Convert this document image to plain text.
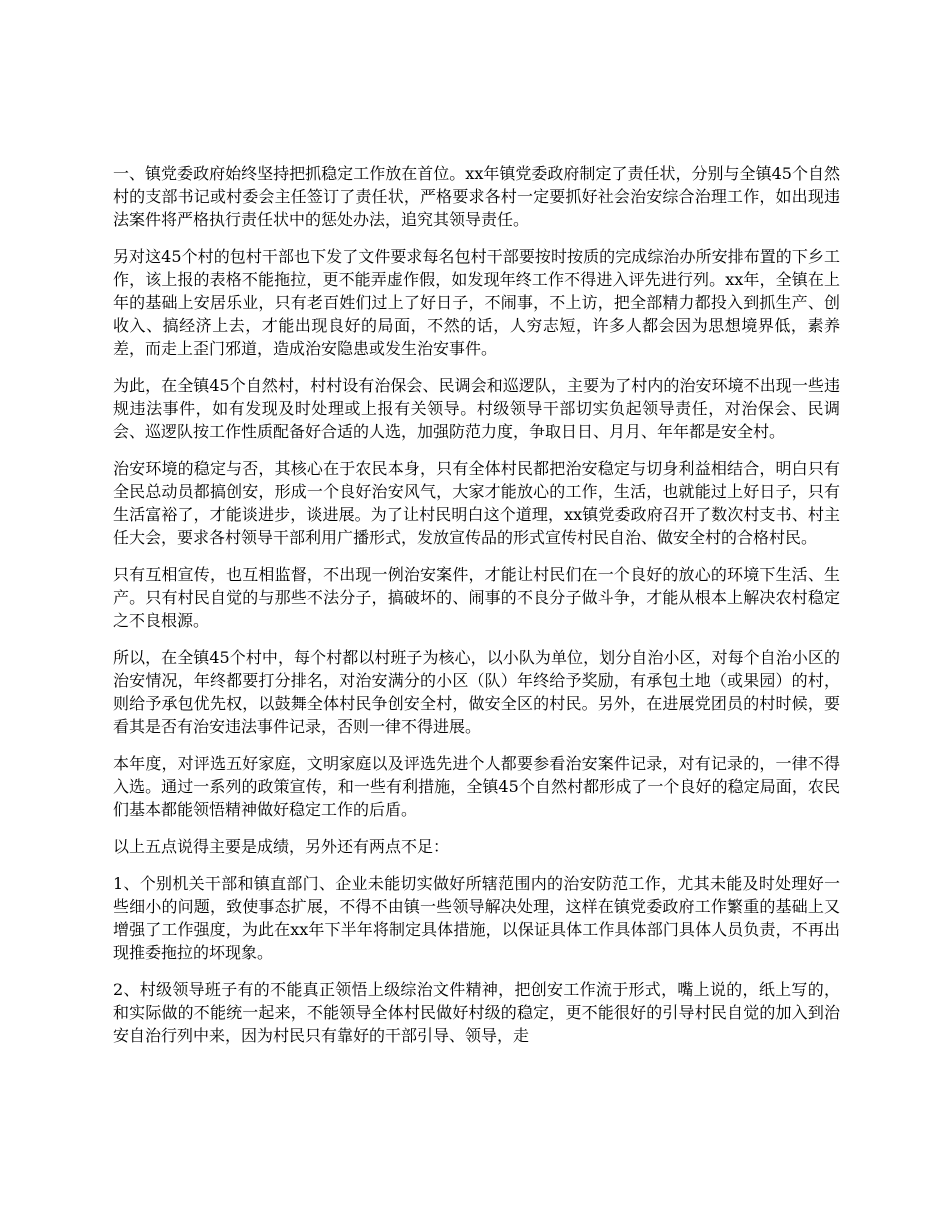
一、镇党委政府始终坚持把抓稳定工作放在首位。xx年镇党委政府制定了责任状，分别与全镇45个自然村的支部书记或村委会主任签订了责任状，严格要求各村一定要抓好社会治安综合治理工作，如出现违法案件将严格执行责任状中的惩处办法，追究其领导责任。

另对这45个村的包村干部也下发了文件要求每名包村干部要按时按质的完成综治办所安排布置的下乡工作，该上报的表格不能拖拉，更不能弄虚作假，如发现年终工作不得进入评先进行列。xx年，全镇在上年的基础上安居乐业，只有老百姓们过上了好日子，不闹事，不上访，把全部精力都投入到抓生产、创收入、搞经济上去，才能出现良好的局面，不然的话，人穷志短，许多人都会因为思想境界低，素养差，而走上歪门邪道，造成治安隐患或发生治安事件。

为此，在全镇45个自然村，村村设有治保会、民调会和巡逻队，主要为了村内的治安环境不出现一些违规违法事件，如有发现及时处理或上报有关领导。村级领导干部切实负起领导责任，对治保会、民调会、巡逻队按工作性质配备好合适的人选，加强防范力度，争取日日、月月、年年都是安全村。

治安环境的稳定与否，其核心在于农民本身，只有全体村民都把治安稳定与切身利益相结合，明白只有全民总动员都搞创安，形成一个良好治安风气，大家才能放心的工作，生活，也就能过上好日子，只有生活富裕了，才能谈进步，谈进展。为了让村民明白这个道理，xx镇党委政府召开了数次村支书、村主任大会，要求各村领导干部利用广播形式，发放宣传品的形式宣传村民自治、做安全村的合格村民。

只有互相宣传，也互相监督，不出现一例治安案件，才能让村民们在一个良好的放心的环境下生活、生产。只有村民自觉的与那些不法分子，搞破坏的、闹事的不良分子做斗争，才能从根本上解决农村稳定之不良根源。

所以，在全镇45个村中，每个村都以村班子为核心，以小队为单位，划分自治小区，对每个自治小区的治安情况，年终都要打分排名，对治安满分的小区（队）年终给予奖励，有承包土地（或果园）的村，则给予承包优先权，以鼓舞全体村民争创安全村，做安全区的村民。另外，在进展党团员的村时候，要看其是否有治安违法事件记录，否则一律不得进展。

本年度，对评选五好家庭，文明家庭以及评选先进个人都要参看治安案件记录，对有记录的，一律不得入选。通过一系列的政策宣传，和一些有利措施，全镇45个自然村都形成了一个良好的稳定局面，农民们基本都能领悟精神做好稳定工作的后盾。

以上五点说得主要是成绩，另外还有两点不足：

1、个别机关干部和镇直部门、企业未能切实做好所辖范围内的治安防范工作，尤其未能及时处理好一些细小的问题，致使事态扩展，不得不由镇一些领导解决处理，这样在镇党委政府工作繁重的基础上又增强了工作强度，为此在xx年下半年将制定具体措施，以保证具体工作具体部门具体人员负责，不再出现推委拖拉的坏现象。

2、村级领导班子有的不能真正领悟上级综治文件精神，把创安工作流于形式，嘴上说的，纸上写的，和实际做的不能统一起来，不能领导全体村民做好村级的稳定，更不能很好的引导村民自觉的加入到治安自治行列中来，因为村民只有靠好的干部引导、领导，走
